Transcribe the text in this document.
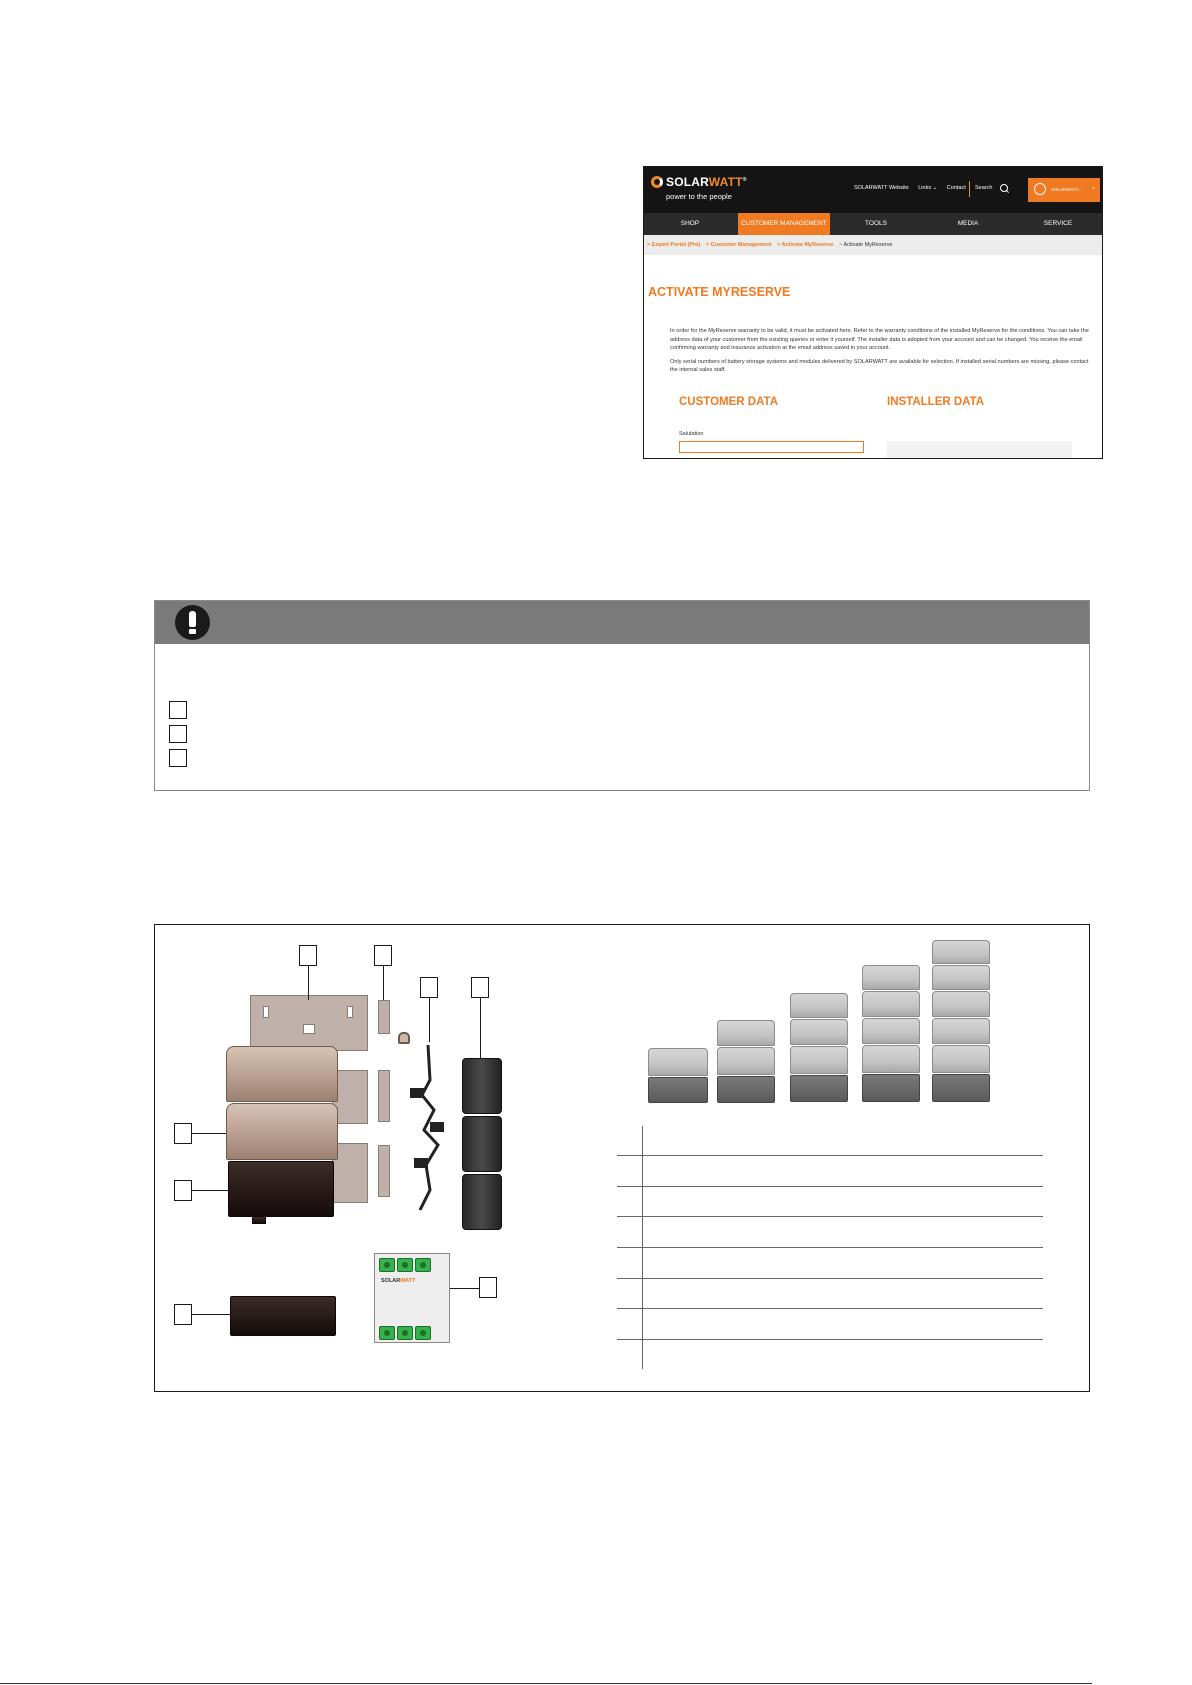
SOLARWATT®
power to the people
SOLARWATT Website Links ⌄ Contact	Search	SOLARWATT... ⌄
SHOP	CUSTOMER MANAGEMENT	TOOLS	MEDIA	SERVICE
> Expert Portal (Pro) > Customer Management > Activate MyReserve > Activate MyReserve
ACTIVATE MYRESERVE

In order for the MyReserve warranty to be valid, it must be activated here. Refer to the warranty conditions of the installed MyReserve for the conditions. You can take the address data of your customer from the existing queries or enter it yourself. The installer data is adopted from your account and can be changed. You receive the email confirming warranty and insurance activation at the email address saved in your account.

Only serial numbers of battery storage systems and modules delivered by SOLARWATT are available for selection. If installed serial numbers are missing, please contact the internal sales staff.

CUSTOMER DATA	INSTALLER DATA
Salutation
SOLARWATT
